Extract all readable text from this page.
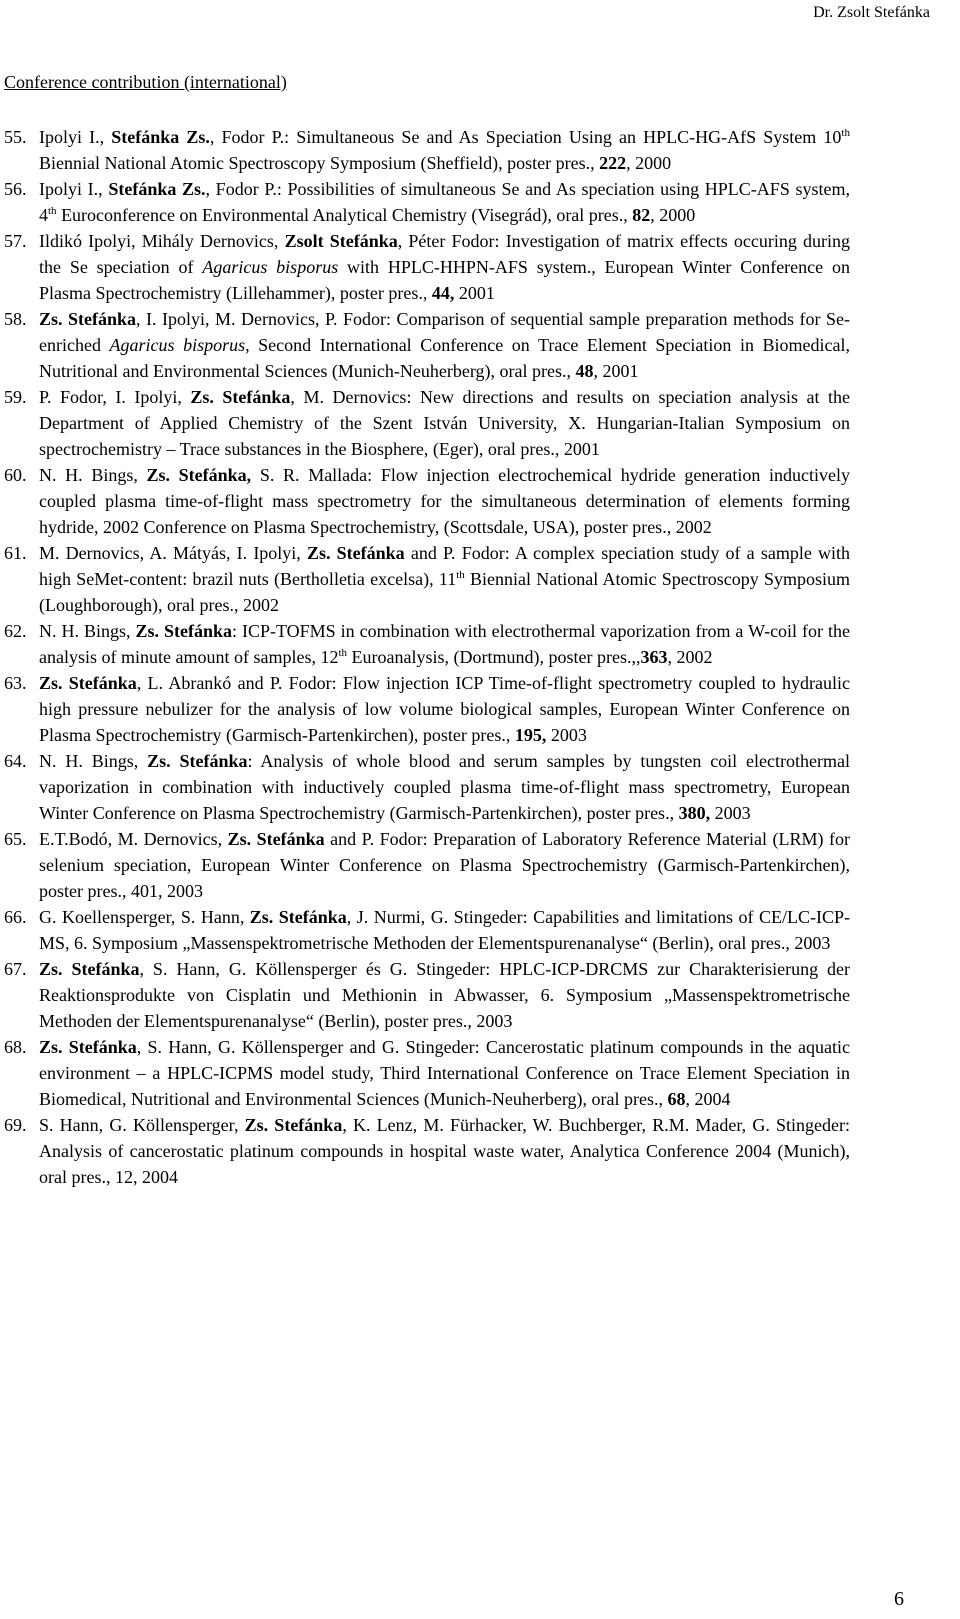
Dr. Zsolt Stefánka
Conference contribution (international)
55. Ipolyi I., Stefánka Zs., Fodor P.: Simultaneous Se and As Speciation Using an HPLC-HG-AfS System 10th Biennial National Atomic Spectroscopy Symposium (Sheffield), poster pres., 222, 2000
56. Ipolyi I., Stefánka Zs., Fodor P.: Possibilities of simultaneous Se and As speciation using HPLC-AFS system, 4th Euroconference on Environmental Analytical Chemistry (Visegrád), oral pres., 82, 2000
57. Ildikó Ipolyi, Mihály Dernovics, Zsolt Stefánka, Péter Fodor: Investigation of matrix effects occuring during the Se speciation of Agaricus bisporus with HPLC-HHPN-AFS system., European Winter Conference on Plasma Spectrochemistry (Lillehammer), poster pres., 44, 2001
58. Zs. Stefánka, I. Ipolyi, M. Dernovics, P. Fodor: Comparison of sequential sample preparation methods for Se-enriched Agaricus bisporus, Second International Conference on Trace Element Speciation in Biomedical, Nutritional and Environmental Sciences (Munich-Neuherberg), oral pres., 48, 2001
59. P. Fodor, I. Ipolyi, Zs. Stefánka, M. Dernovics: New directions and results on speciation analysis at the Department of Applied Chemistry of the Szent István University, X. Hungarian-Italian Symposium on spectrochemistry – Trace substances in the Biosphere, (Eger), oral pres., 2001
60. N. H. Bings, Zs. Stefánka, S. R. Mallada: Flow injection electrochemical hydride generation inductively coupled plasma time-of-flight mass spectrometry for the simultaneous determination of elements forming hydride, 2002 Conference on Plasma Spectrochemistry, (Scottsdale, USA), poster pres., 2002
61. M. Dernovics, A. Mátyás, I. Ipolyi, Zs. Stefánka and P. Fodor: A complex speciation study of a sample with high SeMet-content: brazil nuts (Bertholletia excelsa), 11th Biennial National Atomic Spectroscopy Symposium (Loughborough), oral pres., 2002
62. N. H. Bings, Zs. Stefánka: ICP-TOFMS in combination with electrothermal vaporization from a W-coil for the analysis of minute amount of samples, 12th Euroanalysis, (Dortmund), poster pres.,,363, 2002
63. Zs. Stefánka, L. Abrankó and P. Fodor: Flow injection ICP Time-of-flight spectrometry coupled to hydraulic high pressure nebulizer for the analysis of low volume biological samples, European Winter Conference on Plasma Spectrochemistry (Garmisch-Partenkirchen), poster pres., 195, 2003
64. N. H. Bings, Zs. Stefánka: Analysis of whole blood and serum samples by tungsten coil electrothermal vaporization in combination with inductively coupled plasma time-of-flight mass spectrometry, European Winter Conference on Plasma Spectrochemistry (Garmisch-Partenkirchen), poster pres., 380, 2003
65. E.T.Bodó, M. Dernovics, Zs. Stefánka and P. Fodor: Preparation of Laboratory Reference Material (LRM) for selenium speciation, European Winter Conference on Plasma Spectrochemistry (Garmisch-Partenkirchen), poster pres., 401, 2003
66. G. Koellensperger, S. Hann, Zs. Stefánka, J. Nurmi, G. Stingeder: Capabilities and limitations of CE/LC-ICP-MS, 6. Symposium „Massenspektrometrische Methoden der Elementspurenanalyse“ (Berlin), oral pres., 2003
67. Zs. Stefánka, S. Hann, G. Köllensperger és G. Stingeder: HPLC-ICP-DRCMS zur Charakterisierung der Reaktionsprodukte von Cisplatin und Methionin in Abwasser, 6. Symposium „Massenspektrometrische Methoden der Elementspurenanalyse“ (Berlin), poster pres., 2003
68. Zs. Stefánka, S. Hann, G. Köllensperger and G. Stingeder: Cancerostatic platinum compounds in the aquatic environment – a HPLC-ICPMS model study, Third International Conference on Trace Element Speciation in Biomedical, Nutritional and Environmental Sciences (Munich-Neuherberg), oral pres., 68, 2004
69. S. Hann, G. Köllensperger, Zs. Stefánka, K. Lenz, M. Fürhacker, W. Buchberger, R.M. Mader, G. Stingeder: Analysis of cancerostatic platinum compounds in hospital waste water, Analytica Conference 2004 (Munich), oral pres., 12, 2004
6
